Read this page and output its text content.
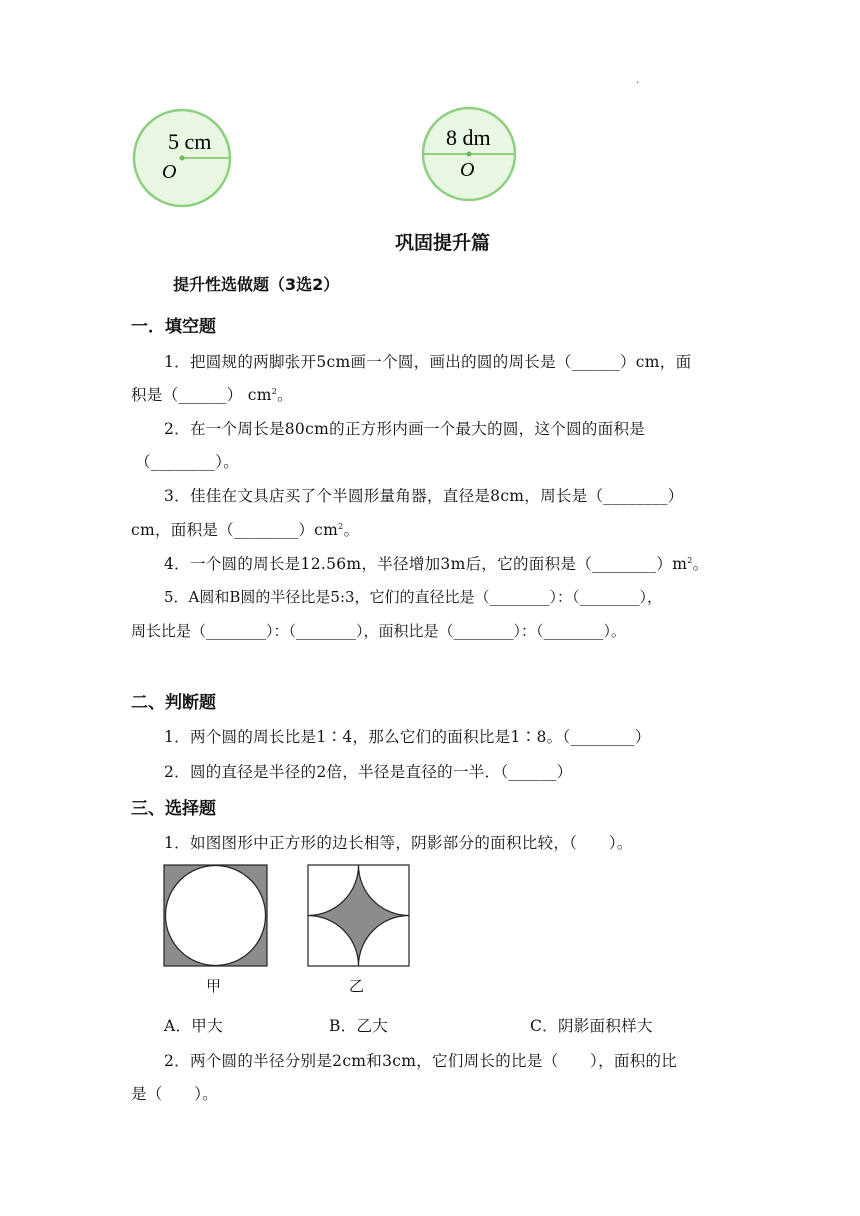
.
5 cm
O
8 dm
O
巩固提升篇
提升性选做题（3选2）
一．填空题
1．把圆规的两脚张开5cm画一个圆，画出的圆的周长是（______）cm，面
积是（______） $cm^2$。
2．在一个周长是80cm的正方形内画一个最大的圆，这个圆的面积是
（________）。
3．佳佳在文具店买了个半圆形量角器，直径是8cm，周长是（________）
cm，面积是$(\_\_\_\_\_\_\_\_)cm^2$。
4．一个圆的周长是12.56m，半径增加3m后，它的面积是$(\_\_\_\_\_\_\_\_)m^2$。
5．A圆和B圆的半径比是5:3，它们的直径比是（________）：（________），
周长比是（________）：（________），面积比是（________）：（________）。
二、判断题
1．两个圆的周长比是1∶4，那么它们的面积比是1∶8。（________）
2．圆的直径是半径的2倍，半径是直径的一半．（______）
三、选择题
1．如图图形中正方形的边长相等，阴影部分的面积比较，（　　）。
甲	乙
A．甲大	B．乙大	C．阴影面积样大
2．两个圆的半径分别是2cm和3cm，它们周长的比是（　　），面积的比
是（　　）。
